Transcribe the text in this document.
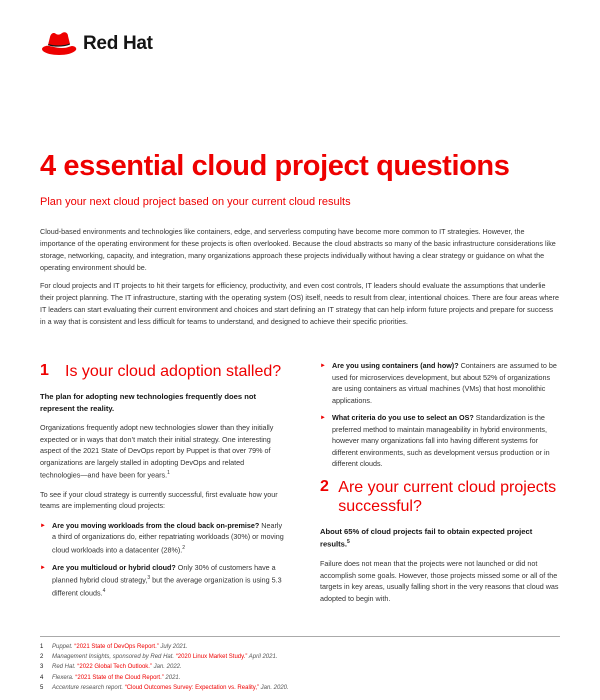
Red Hat
4 essential cloud project questions
Plan your next cloud project based on your current cloud results

Cloud-based environments and technologies like containers, edge, and serverless computing have become more common to IT strategies. However, the importance of the operating environment for these projects is often overlooked. Because the cloud abstracts so many of the basic infrastructure considerations like storage, networking, capacity, and integration, many organizations approach these projects individually without having a clear strategy or guidance on what the operating environment should be.

For cloud projects and IT projects to hit their targets for efficiency, productivity, and even cost controls, IT leaders should evaluate the assumptions that underlie their project planning. The IT infrastructure, starting with the operating system (OS) itself, needs to result from clear, intentional choices. There are four areas where IT leaders can start evaluating their current environment and choices and start defining an IT strategy that can help inform future projects and prepare for success in a way that is consistent and less difficult for teams to understand, and designed to achieve their specific priorities.

1	Is your cloud adoption stalled?
The plan for adopting new technologies frequently does not represent the reality.

Organizations frequently adopt new technologies slower than they initially expected or in ways that don’t match their initial strategy. One interesting aspect of the 2021 State of DevOps report by Puppet is that over 79% of organizations are largely stalled in adopting DevOps and related technologies—and have been for years.$^1$

To see if your cloud strategy is currently successful, first evaluate how your teams are implementing cloud projects:

► Are you moving workloads from the cloud back on-premise? Nearly a third of organizations do, either repatriating workloads (30%) or moving cloud workloads into a datacenter (28%).$^2$
► Are you multicloud or hybrid cloud? Only 30% of customers have a planned hybrid cloud strategy,$^3$ but the average organization is using 5.3 different clouds.$^4$
► Are you using containers (and how)? Containers are assumed to be used for microservices development, but about 52% of organizations are using containers as virtual machines (VMs) that host monolithic applications.
► What criteria do you use to select an OS? Standardization is the preferred method to maintain manageability in hybrid environments, however many organizations fall into having different systems for different environments, such as development versus production or in different clouds.
2 Are your current cloud projects successful?
About 65% of cloud projects fail to obtain expected project results.$^5$

Failure does not mean that the projects were not launched or did not accomplish some goals. However, those projects missed some or all of the targets in key areas, usually falling short in the very reasons that cloud was adopted to begin with.

1 Puppet. “2021 State of DevOps Report.” July 2021.
2 Management Insights, sponsored by Red Hat. “2020 Linux Market Study.” April 2021.
3 Red Hat. “2022 Global Tech Outlook.” Jan. 2022.
4 Flexera. “2021 State of the Cloud Report.” 2021.
5 Accenture research report. “Cloud Outcomes Survey: Expectation vs. Reality,” Jan. 2020.
